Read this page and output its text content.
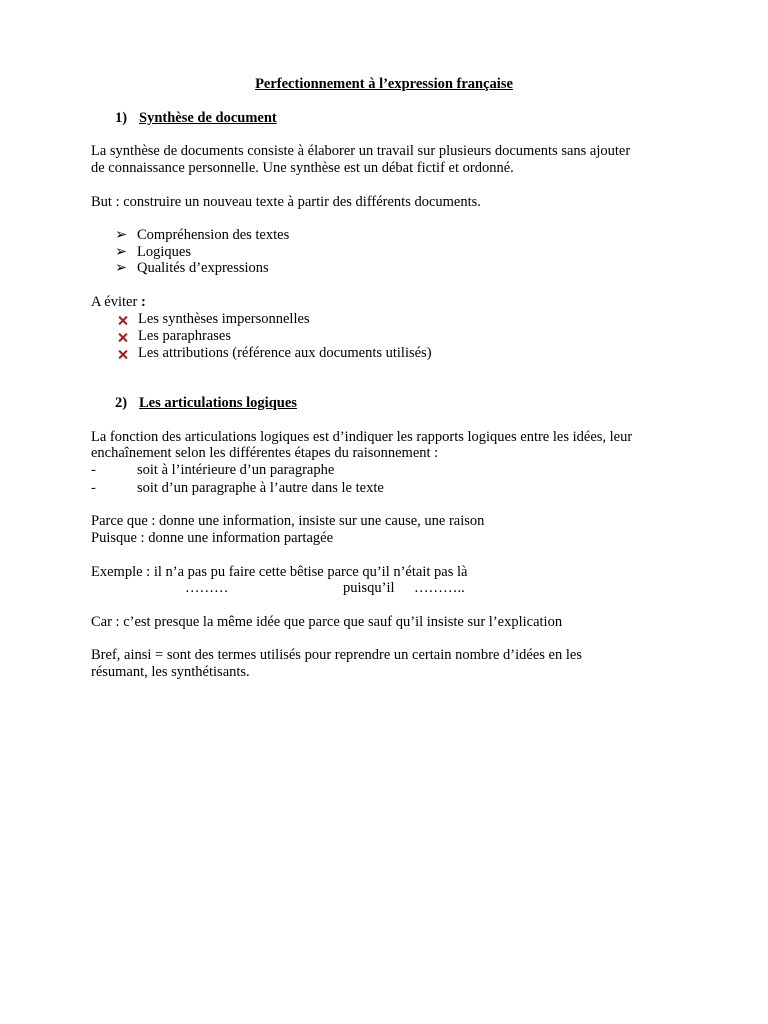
Perfectionnement à l’expression française
1) Synthèse de document
La synthèse de documents consiste à élaborer un travail sur plusieurs documents sans ajouter
de connaissance personnelle. Une synthèse est un débat fictif et ordonné.
But : construire un nouveau texte à partir des différents documents.
➢ Compréhension des textes
➢ Logiques
➢ Qualités d’expressions
A éviter :
Les synthèses impersonnelles
Les paraphrases
Les attributions (référence aux documents utilisés)
2) Les articulations logiques
La fonction des articulations logiques est d’indiquer les rapports logiques entre les idées, leur
enchaînement selon les différentes étapes du raisonnement :
-	soit à l’intérieure d’un paragraphe
-	soit d’un paragraphe à l’autre dans le texte
Parce que : donne une information, insiste sur une cause, une raison
Puisque : donne une information partagée
Exemple : il n’a pas pu faire cette bêtise parce qu’il n’était pas là
………	puisqu’il ………..
Car : c’est presque la même idée que parce que sauf qu’il insiste sur l’explication
Bref, ainsi = sont des termes utilisés pour reprendre un certain nombre d’idées en les
résumant, les synthétisants.
